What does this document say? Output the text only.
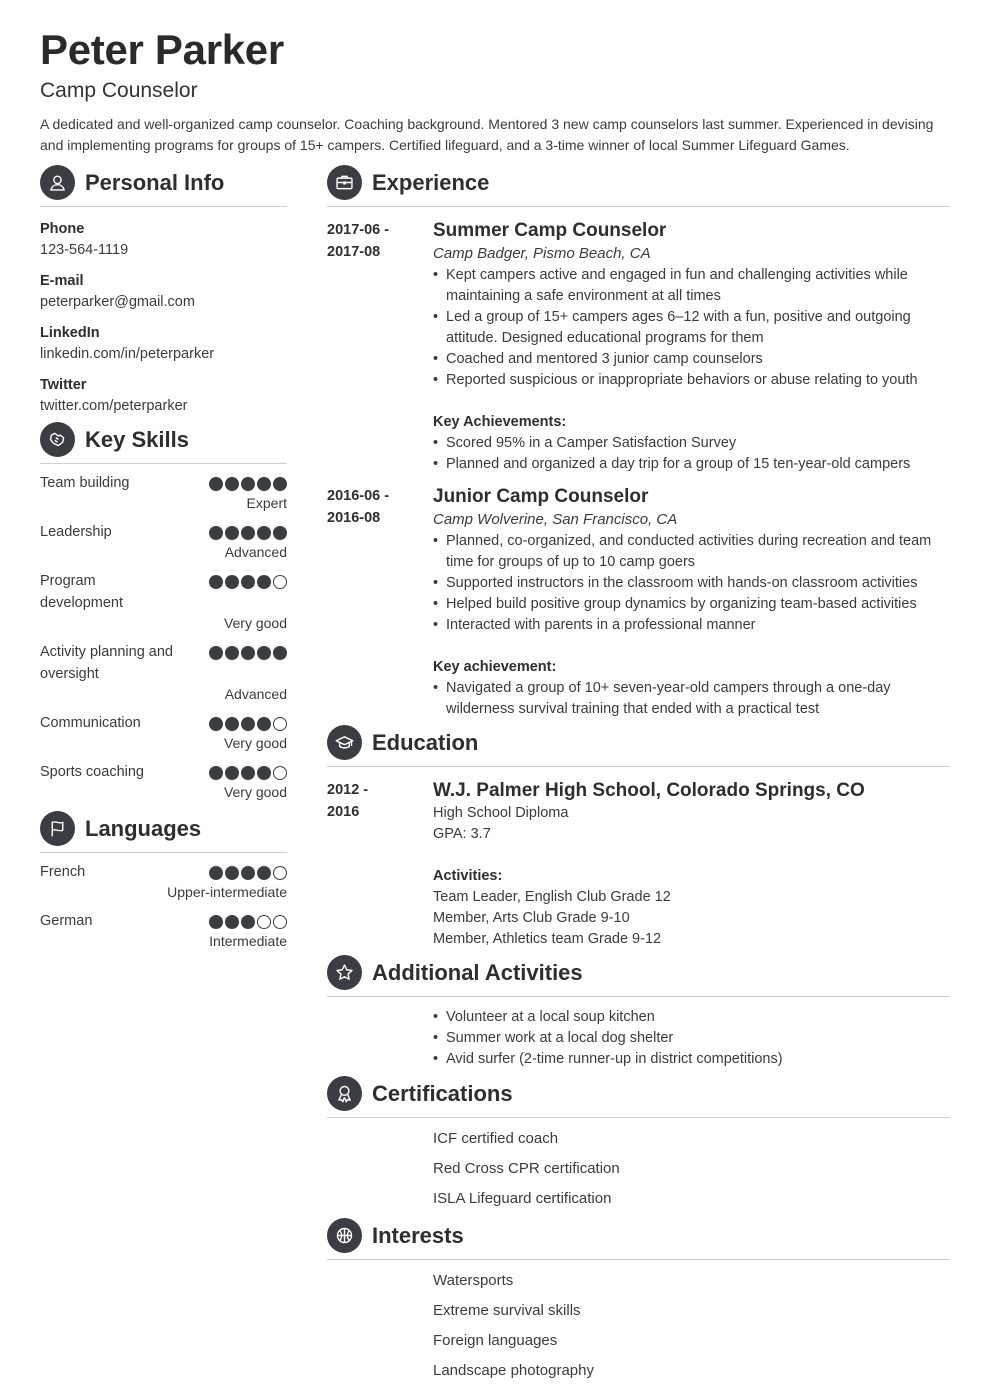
Peter Parker
Camp Counselor
A dedicated and well-organized camp counselor. Coaching background. Mentored 3 new camp counselors last summer. Experienced in devising and implementing programs for groups of 15+ campers. Certified lifeguard, and a 3-time winner of local Summer Lifeguard Games.
Personal Info
Phone
123-564-1119
E-mail
peterparker@gmail.com
LinkedIn
linkedin.com/in/peterparker
Twitter
twitter.com/peterparker
Key Skills
Team building
Expert
Leadership
Advanced
Program development
Very good
Activity planning and oversight
Advanced
Communication
Very good
Sports coaching
Very good
Languages
French
Upper-intermediate
German
Intermediate
Experience
2017-06 -
2017-08
Summer Camp Counselor
Camp Badger, Pismo Beach, CA
• Kept campers active and engaged in fun and challenging activities while maintaining a safe environment at all times
• Led a group of 15+ campers ages 6–12 with a fun, positive and outgoing attitude. Designed educational programs for them
• Coached and mentored 3 junior camp counselors
• Reported suspicious or inappropriate behaviors or abuse relating to youth
Key Achievements:
• Scored 95% in a Camper Satisfaction Survey
• Planned and organized a day trip for a group of 15 ten-year-old campers
2016-06 -
2016-08
Junior Camp Counselor
Camp Wolverine, San Francisco, CA
• Planned, co-organized, and conducted activities during recreation and team time for groups of up to 10 camp goers
• Supported instructors in the classroom with hands-on classroom activities
• Helped build positive group dynamics by organizing team-based activities
• Interacted with parents in a professional manner
Key achievement:
• Navigated a group of 10+ seven-year-old campers through a one-day wilderness survival training that ended with a practical test
Education
2012 -
2016
W.J. Palmer High School, Colorado Springs, CO
High School Diploma
GPA: 3.7
Activities:
Team Leader, English Club Grade 12
Member, Arts Club Grade 9-10
Member, Athletics team Grade 9-12
Additional Activities
• Volunteer at a local soup kitchen
• Summer work at a local dog shelter
• Avid surfer (2-time runner-up in district competitions)
Certifications
ICF certified coach
Red Cross CPR certification
ISLA Lifeguard certification
Interests
Watersports
Extreme survival skills
Foreign languages
Landscape photography
